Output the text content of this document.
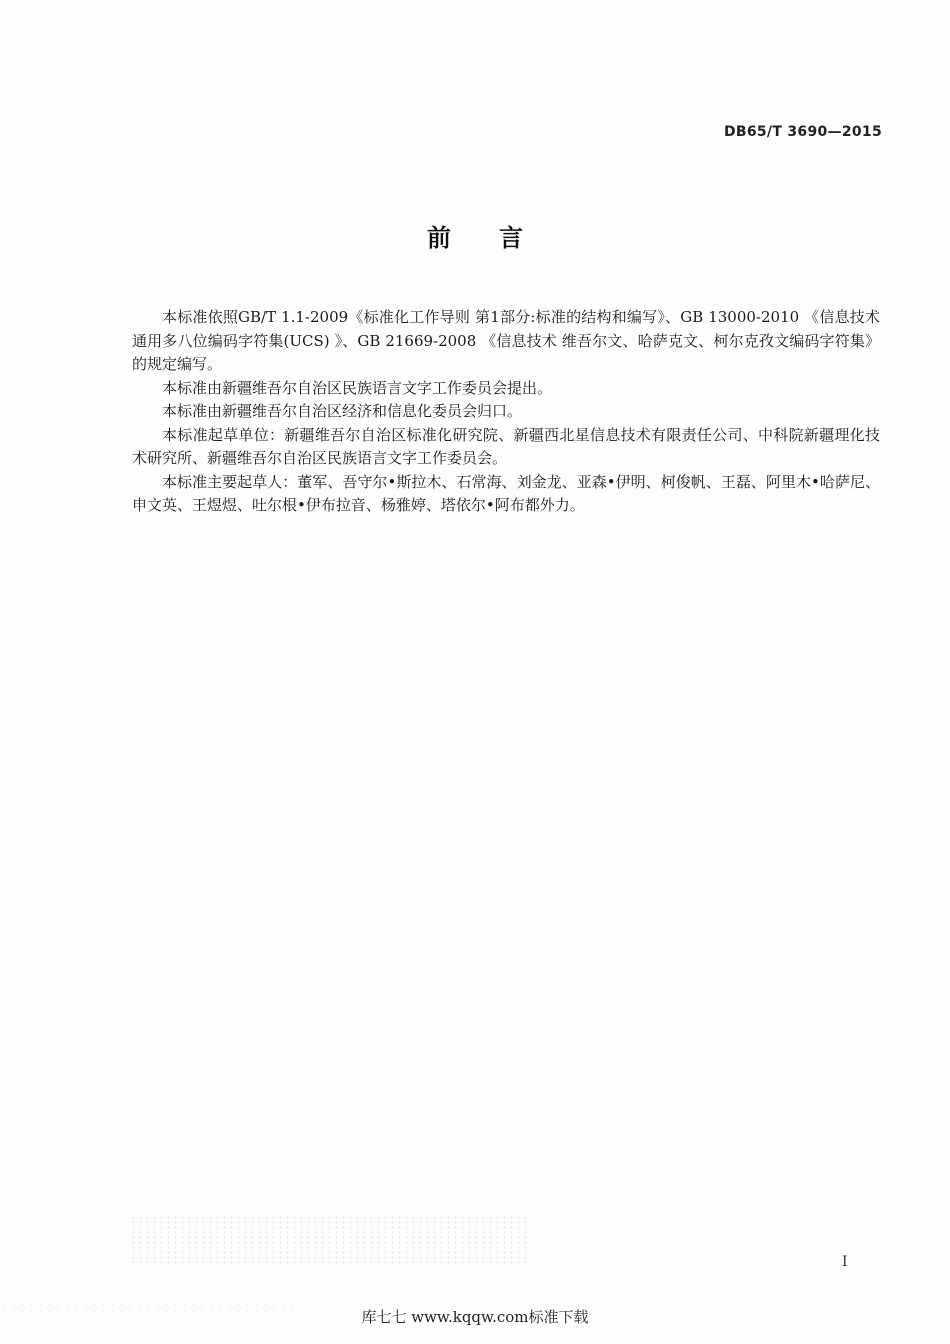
DB65/T 3690—2015
前言

本标准依照GB/T 1.1-2009《标准化工作导则 第1部分:标准的结构和编写》、GB 13000-2010 《信息技术 通用多八位编码字符集(UCS) 》、GB 21669-2008 《信息技术 维吾尔文、哈萨克文、柯尔克孜文编码字符集》的规定编写。

本标准由新疆维吾尔自治区民族语言文字工作委员会提出。

本标准由新疆维吾尔自治区经济和信息化委员会归口。

本标准起草单位：新疆维吾尔自治区标准化研究院、新疆西北星信息技术有限责任公司、中科院新疆理化技术研究所、新疆维吾尔自治区民族语言文字工作委员会。

本标准主要起草人：董军、吾守尔•斯拉木、石常海、刘金龙、亚森•伊明、柯俊帆、王磊、阿里木•哈萨尼、申文英、王煜煜、吐尔根•伊布拉音、杨雅婷、塔依尔•阿布都外力。

I
库七七 www.kqqw.com标准下载
